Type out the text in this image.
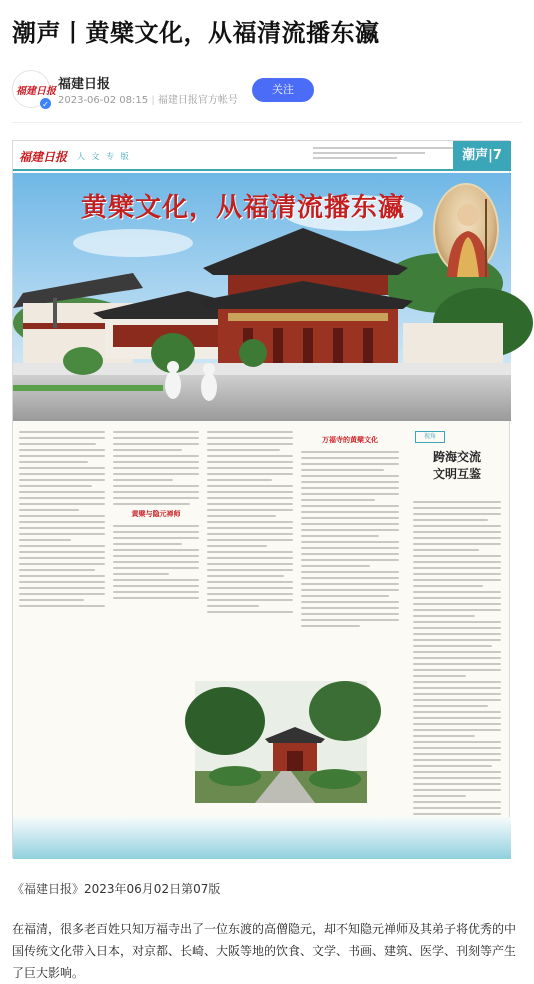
潮声丨黄檗文化，从福清流播东瀛
福建日报
✓
福建日报
2023-06-02 08:15 | 福建日报官方帐号
关注
福建日报 人 文 专 版	潮声|7
黄檗文化，从福清流播东瀛
黄檗与隐元禅师
万福寺的黄檗文化	视角
跨海交流
文明互鉴
《福建日报》2023年06月02日第07版
在福清，很多老百姓只知万福寺出了一位东渡的高僧隐元，却不知隐元禅师及其弟子将优秀的中国传统文化带入日本，对京都、长崎、大阪等地的饮食、文学、书画、建筑、医学、刊刻等产生了巨大影响。
